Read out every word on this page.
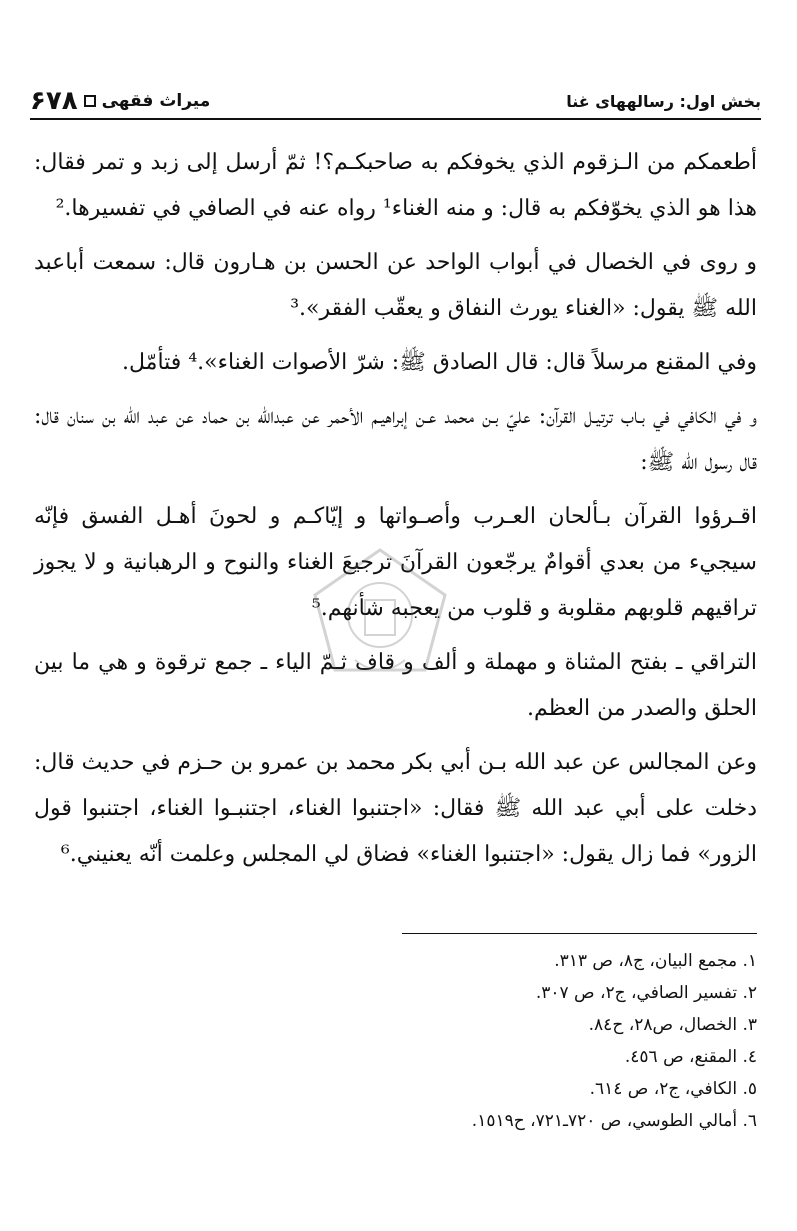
بخش اول: رسالههای غنا
۶۷۸ میراث فقهی

أطعمكم من الـزقوم الذي يخوفكم به صاحبكـم؟! ثمّ أرسل إلى زبد و تمر فقال: هذا هو الذي يخوّفكم به قال: و منه الغناء¹ رواه عنه في الصافي في تفسيرها.²

و روى في الخصال في أبواب الواحد عن الحسن بن هـارون قال: سمعت أباعبد الله ﷺ يقول: «الغناء يورث النفاق و يعقّب الفقر».³

وفي المقنع مرسلاً قال: قال الصادق ﷺ: شرّ الأصوات الغناء».⁴ فتأمّل.

و في الكافي في بـاب ترتيـل القرآن: عليّ بـن محمد عـن إبراهيـم الأحمر عن عبدالله بن حماد عن عبد الله بن سنان قال: قال رسول الله ﷺ:

اقـرؤوا القرآن بـألحان العـرب وأصـواتها و إيّاكـم و لحونَ أهـل الفسق فإنّه سيجيء من بعدي أقوامٌ يرجّعون القرآنَ ترجيعَ الغناء والنوح و الرهبانية و لا يجوز تراقيهم قلوبهم مقلوبة و قلوب من يعجبه شأنهم.⁵

التراقي ـ بفتح المثناة و مهملة و ألف و قاف ثـمّ الياء ـ جمع ترقوة و هي ما بين الحلق والصدر من العظم.

وعن المجالس عن عبد الله بـن أبي بكر محمد بن عمرو بن حـزم في حديث قال: دخلت على أبي عبد الله ﷺ فقال: «اجتنبوا الغناء، اجتنبـوا الغناء، اجتنبوا قول الزور» فما زال يقول: «اجتنبوا الغناء» فضاق لي المجلس وعلمت أنّه يعنيني.⁶

١. مجمع البيان، ج٨، ص ٣١٣.
٢. تفسير الصافي، ج٢، ص ٣٠٧.
٣. الخصال، ص٢٨، ح٨٤.
٤. المقنع، ص ٤٥٦.
٥. الكافي، ج٢، ص ٦١٤.
٦. أمالي الطوسي، ص ٧٢٠ـ٧٢١، ح١٥١٩.
